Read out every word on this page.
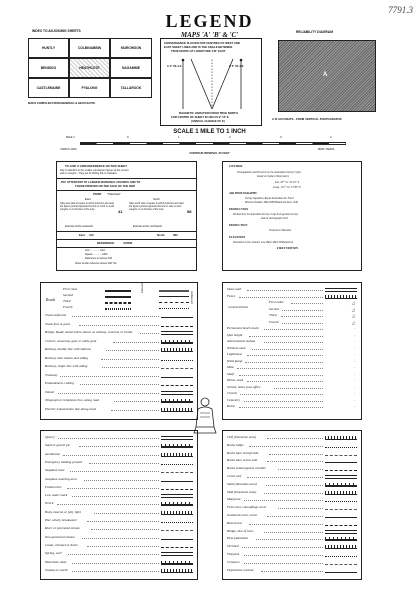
7791.3
LEGEND
MAPS 'A' 'B' & 'C'
INDEX TO ADJOINING SHEETS
HUNTLY	COLBINABBIN	MURCHISON
BENDIGO	HEATHCOTE	NAGAMBIE
CASTLEMAINE	PYALONG	TALLAROOK
MAPS COMPILED FROM BENDIGO & HEATHCOTE
CONVERGENCE IS GIVEN FOR CENTRES OF WEST AND
EAST SHEET LINES AND IS THE ANGLE BETWEEN
TRUE NORTH AT LONGITUDE 145° EAST
C 0° 03·4 E	C 0° 04·4 E
MAGNETIC VARIATION FROM TRUE NORTH
FOR CENTRE OF SHEET IN 1954 IS 9° 15' E
(ANNUAL CHANGE 03' E)
RELIABILITY DIAGRAM
A
A IS ACCURATE - FROM VERTICAL PHOTOGRAPHS
SCALE 1 MILE TO 1 INCH
MILE 1	0	1	2	3	4
YARDS 1000	8000 YARDS
CONTOUR INTERVAL 50 FEET
TO GIVE A GRID REFERENCE ON THIS SHEET
Pay no attention to the smaller sub-division figures at the corners
and on margins - They are for finding full co-ordinates.
PAY ATTENTION TO LARGER MARGINAL FIGURES AND TO
THOSE PRINTED ON THE FACE OF THE MAP
POINT "Pakehaid"
East	North
Take west side of square in which point lies and read the figures printed opposite this line on north or south margins or on the face of the map
Take south side of square in which point lies and read the figures printed opposite this line on east or west margins or on the face of the map
41	58
Estimate tenths eastwards	Estimate tenths northwards
East 410	North	582
REFERENCE	410582
Unit .............. Yard
Square ............ 1000
Reference to nearest 100
Sheet similar reference dimesi 100 Yds
CONTROL
Triangulation and Traverse by the Australian Survey Corps
based on Sydney Observatory
Lat. 33° 51' 41·10" S
Long. 151° 12' 17·85" E
AIR PHOTOGRAPHY
Survey Squadron, Royal Australian Air Force
Mission Number JBG/1808 Heathcote Area 1940
PRODUCTION
Produced by the Australian Survey Corps from ground surveys
and air photographs 1947
PROJECTION
Transverse Mercator
ELEVATION
Elevations in feet. Datum: Low Water Mark Williamstown
FIRST EDITION
Roads
First class
Second
Third
Fourth
Fenced
Unfenced
Track unfenced
Track foot or pack
Bridge. Road; metal where shown as railway, concrete or trestle
Culvert, causeway, gate or cattle grid
Railway, double line with stations
Railway with station and siding
Railway, single line with siding
Tramway
Embankment, cutting
Tunnel
Telegraph or telephone line, along road
Electric transmission line along road
Stone wall
Fence
First order	△
Second	△
Third	△
Fourth	△
Permanent bench mark	·
Spot height	·
Astronomical station	·
Wireless mast	·
Lighthouse	·
Wind pump	·
Mine	·
Shaft	·
Home, shed	·
School, hotel, post office	·
Church	·
Cemetery	·
Ruins	·
Control Points
Quarry
Sand or gravel pit
Aerodrome
Emergency landing ground
Seaplane base
Seaplane mooring area
Fathom line
Low water mark
Wreck
Buoy, beacon or jetty light
Pier, wharf, breakwater
River or perennial stream
Non-perennial stream
Canal, channel or drain
Spring, well
Waterhole, dam
Swamp or marsh
Cliff (limestone area)
Rocky ledge
Rocks bare at high tide
Rocks bare at low tide
Rocks submerged at all tides
Coral reef
Sand (limestone area)
Mud (limestone area)
Mangrove
Full cover, camouflage cover
Scattered cover, scrub
Rain forest
Hedge, line of trees
Pine plantation
Orchard
Vineyard
Contours
Depression contour
